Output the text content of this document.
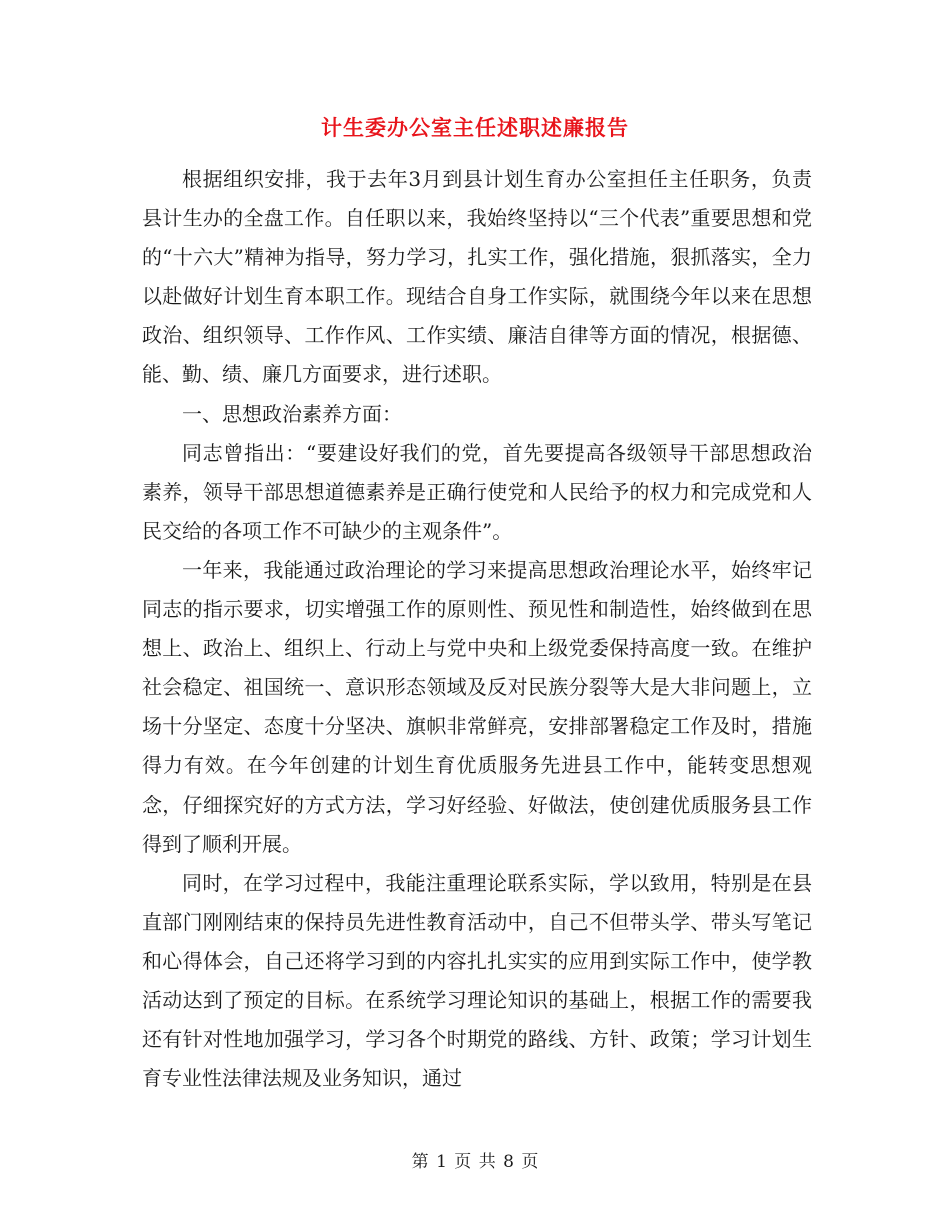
计生委办公室主任述职述廉报告

根据组织安排，我于去年3月到县计划生育办公室担任主任职务，负责县计生办的全盘工作。自任职以来，我始终坚持以“三个代表”重要思想和党的“十六大”精神为指导，努力学习，扎实工作，强化措施，狠抓落实，全力以赴做好计划生育本职工作。现结合自身工作实际，就围绕今年以来在思想政治、组织领导、工作作风、工作实绩、廉洁自律等方面的情况，根据德、能、勤、绩、廉几方面要求，进行述职。

一、思想政治素养方面：

同志曾指出：“要建设好我们的党，首先要提高各级领导干部思想政治素养，领导干部思想道德素养是正确行使党和人民给予的权力和完成党和人民交给的各项工作不可缺少的主观条件”。

一年来，我能通过政治理论的学习来提高思想政治理论水平，始终牢记同志的指示要求，切实增强工作的原则性、预见性和制造性，始终做到在思想上、政治上、组织上、行动上与党中央和上级党委保持高度一致。在维护社会稳定、祖国统一、意识形态领域及反对民族分裂等大是大非问题上，立场十分坚定、态度十分坚决、旗帜非常鲜亮，安排部署稳定工作及时，措施得力有效。在今年创建的计划生育优质服务先进县工作中，能转变思想观念，仔细探究好的方式方法，学习好经验、好做法，使创建优质服务县工作得到了顺利开展。

同时，在学习过程中，我能注重理论联系实际，学以致用，特别是在县直部门刚刚结束的保持员先进性教育活动中，自己不但带头学、带头写笔记和心得体会，自己还将学习到的内容扎扎实实的应用到实际工作中，使学教活动达到了预定的目标。在系统学习理论知识的基础上，根据工作的需要我还有针对性地加强学习，学习各个时期党的路线、方针、政策；学习计划生育专业性法律法规及业务知识，通过

第 1 页 共 8 页
